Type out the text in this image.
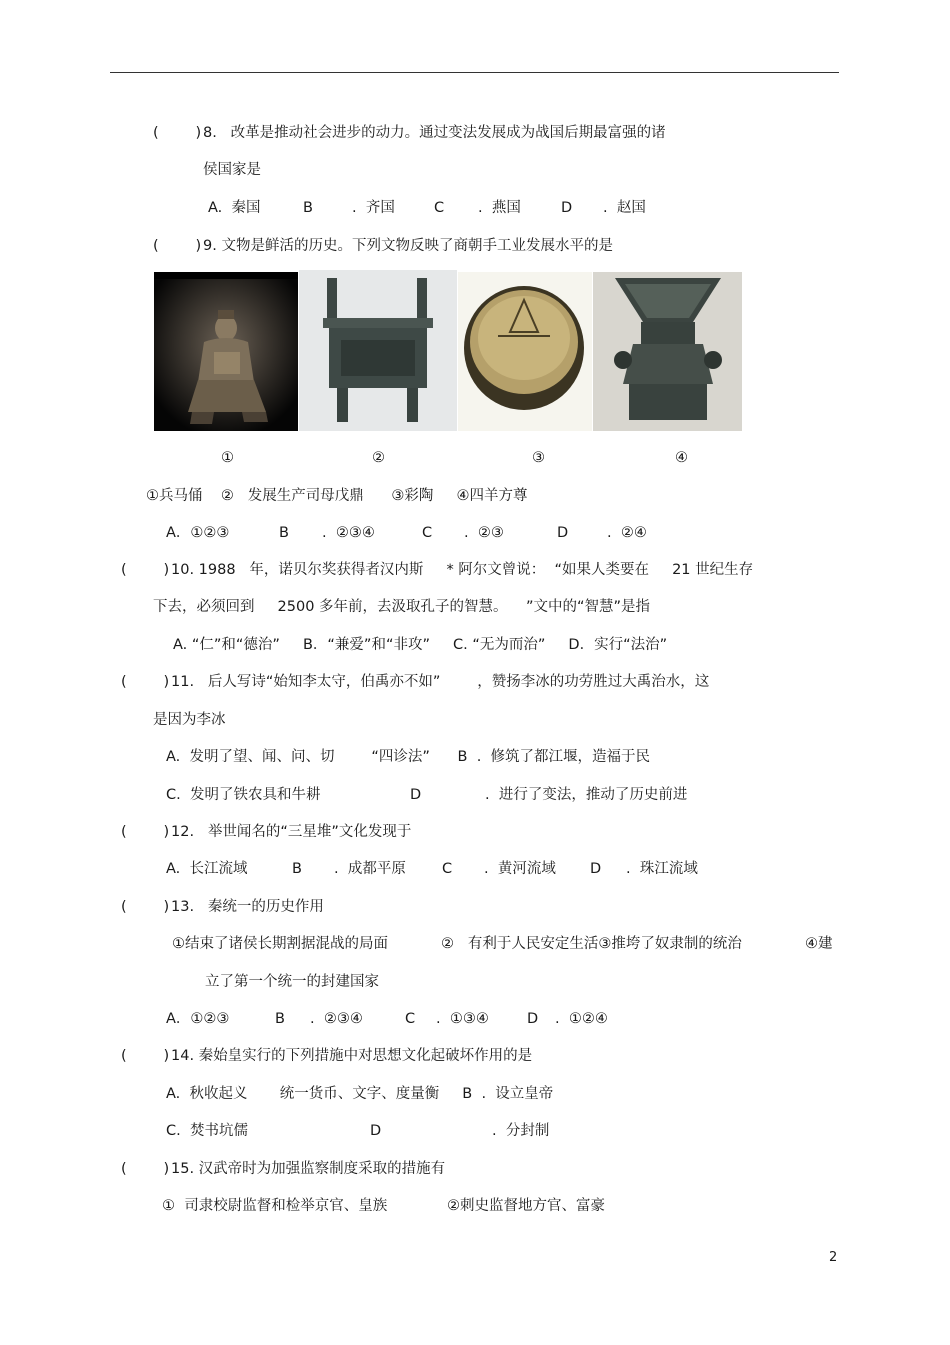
(        ) 8.   改革是推动社会进步的动力。通过变法发展成为战国后期最富强的诸
侯国家是
A.  秦国	B	.  齐国	C .  燕国	D .  赵国
(        ) 9. 文物是鲜活的历史。下列文物反映了商朝手工业发展水平的是
①	②	③	④
①兵马俑    ②   发展生产司母戊鼎      ③彩陶     ④四羊方尊
A．①②③	B .  ②③④	C .  ②③	D	.  ②④
(        ) 10. 1988   年，诺贝尔奖获得者汉内斯     * 阿尔文曾说：  “如果人类要在     21 世纪生存
下去，必须回到     2500 多年前，去汲取孔子的智慧。    ”文中的“智慧”是指
A. “仁”和“德治”     B．“兼爱”和“非攻”     C. “无为而治”     D．实行“法治”
(        ) 11.   后人写诗“始知李太守，伯禹亦不如”        ，赞扬李冰的功劳胜过大禹治水，这
是因为李冰
A.  发明了望、闻、问、切        “四诊法”      B  .  修筑了都江堰，造福于民
C.  发明了铁农具和牛耕	D	.  进行了变法，推动了历史前进
(        ) 12.   举世闻名的“三星堆”文化发现于
A.  长江流域	B .  成都平原 C .  黄河流域 D .  珠江流域
(        ) 13.   秦统一的历史作用
①结束了诸侯长期割据混战的局面	②   有利于人民安定生活③推垮了奴隶制的统治	④建
立了第一个统一的封建国家
A．①②③	B .  ②③④	C .  ①③④	D .  ①②④
(        ) 14. 秦始皇实行的下列措施中对思想文化起破坏作用的是
A.  秋收起义       统一货币、文字、度量衡     B  .  设立皇帝
C.  焚书坑儒	D	.  分封制
(        ) 15. 汉武帝时为加强监察制度采取的措施有
①  司隶校尉监督和检举京官、皇族	②刺史监督地方官、富豪
2
